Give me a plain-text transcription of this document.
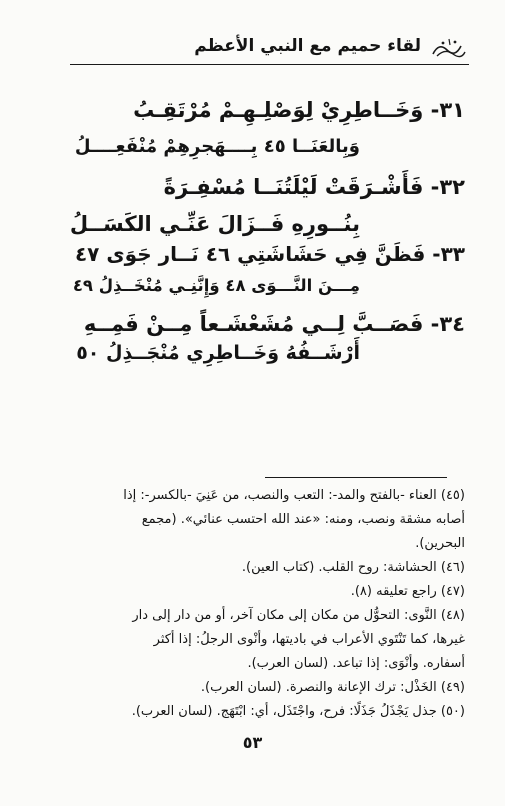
لقاء حميم مع النبي الأعظم
٣١- وَخَــاطِرِيْ لِوَصْلِـهِـمْ مُرْتَقِـبُ
وَبِالعَنَــا ٤٥ بِــــهَجرِهِمْ مُنْفَعِــــلُ
٣٢- فَأَشْـرَقَتْ لَيْلَتُنَــا مُسْفِـرَةً
بِنُــورِهِ فَــزَالَ عَنِّـي الكَسَــلُ
٣٣- فَظَنَّ فِي حَشَاشَتِي ٤٦ نَــار جَوَى ٤٧
مِـــنَ النَّـــوَى ٤٨ وَإِنَّنِـي مُنْخَــذِلُ ٤٩
٣٤- فَصَــبَّ لِــي مُشَعْشَـعاً مِــنْ فَمِــهِ
أَرْشَــفُهُ وَخَــاطِرِي مُنْجَــذِلُ ٥٠
(٤٥) العناء -بالفتح والمد-: التعب والنصب، من عَنِيَ -بالكسر-: إذا
أصابه مشقة ونصب، ومنه: «عند الله احتسب عنائي». (مجمع
البحرين).
(٤٦) الحشاشة: روح القلب. (كتاب العين).
(٤٧) راجع تعليقه (٨).
(٤٨) النَّوى: التحوُّل من مكان إلى مكان آخر، أو من دار إلى دار
غيرها، كما تَنْتَوي الأعراب في باديتها، وأنْوى الرجلُ: إذا أكثر
أسفاره. وأنْوَى: إذا تباعد. (لسان العرب).
(٤٩) الخَذْل: ترك الإعانة والنصرة. (لسان العرب).
(٥٠) جذل يَجْذَلُ جَذَلًا: فرح، واجْتَذَل، أي: ابْتَهَج. (لسان العرب).
٥٣
